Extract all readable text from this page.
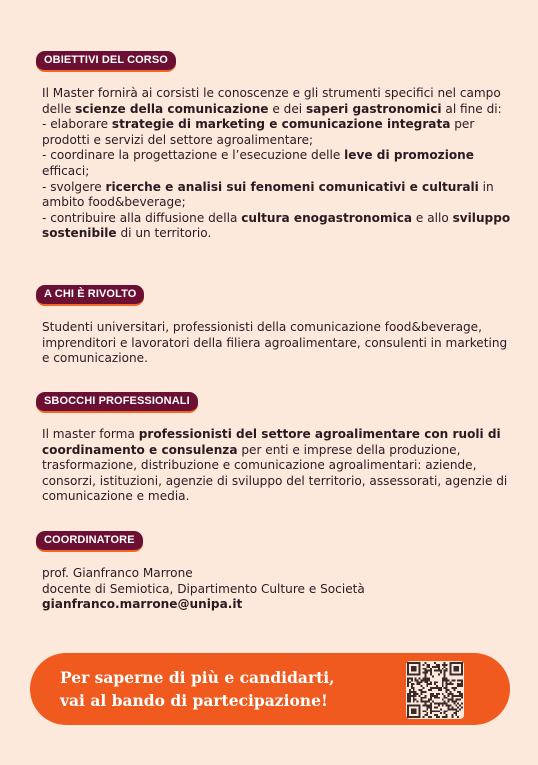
OBIETTIVI DEL CORSO

Il Master fornirà ai corsisti le conoscenze e gli strumenti specifici nel campo delle scienze della comunicazione e dei saperi gastronomici al fine di:

- elaborare strategie di marketing e comunicazione integrata per prodotti e servizi del settore agroalimentare;

- coordinare la progettazione e l’esecuzione delle leve di promozione efficaci;

- svolgere ricerche e analisi sui fenomeni comunicativi e culturali in ambito food&beverage;

- contribuire alla diffusione della cultura enogastronomica e allo sviluppo sostenibile di un territorio.

A CHI È RIVOLTO

Studenti universitari, professionisti della comunicazione food&beverage, imprenditori e lavoratori della filiera agroalimentare, consulenti in marketing e comunicazione.

SBOCCHI PROFESSIONALI

Il master forma professionisti del settore agroalimentare con ruoli di coordinamento e consulenza per enti e imprese della produzione, trasformazione, distribuzione e comunicazione agroalimentari: aziende, consorzi, istituzioni, agenzie di sviluppo del territorio, assessorati, agenzie di comunicazione e media.

COORDINATORE

prof. Gianfranco Marrone

docente di Semiotica, Dipartimento Culture e Società

gianfranco.marrone@unipa.it

Per saperne di più e candidarti,
vai al bando di partecipazione!
